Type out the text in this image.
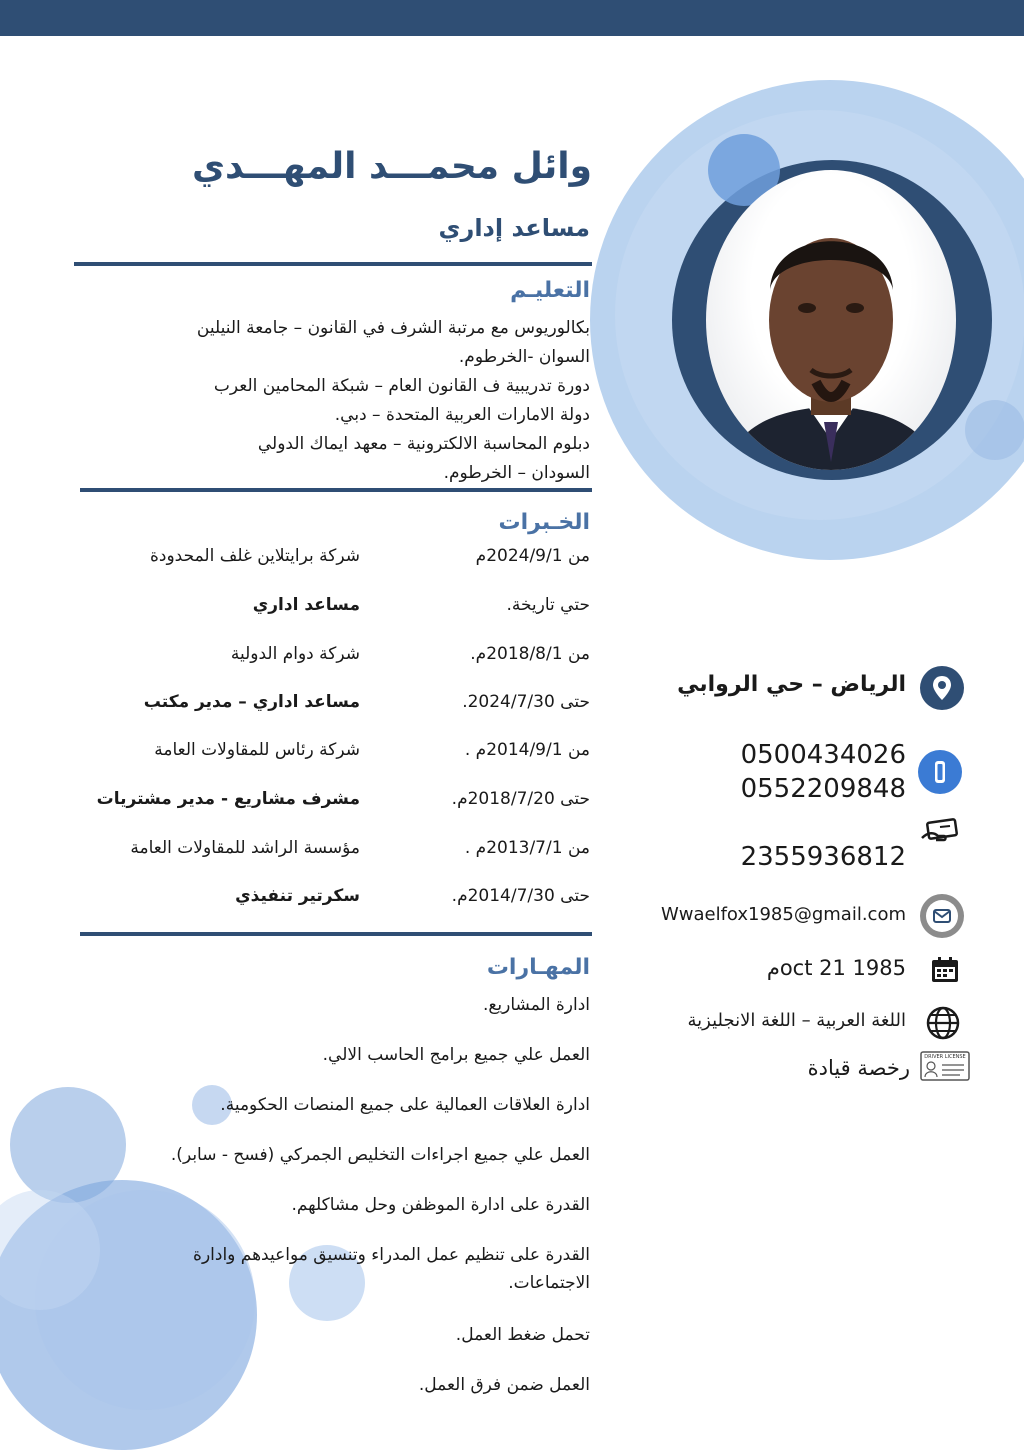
وائل محمـــد المهـــدي
مساعد إداري
التعليـم
بكالوريوس مع مرتبة الشرف في القانون – جامعة النيلين
السوان -الخرطوم.
دورة تدريبية ف القانون العام – شبكة المحامين العرب
دولة الامارات العربية المتحدة – دبي.
دبلوم المحاسبة الالكترونية – معهد ايماك الدولي
السودان – الخرطوم.
الخـبرات
من 2024/9/1م
شركة برايتلاين غلف المحدودة
حتي تاريخة.
مساعد اداري
من 2018/8/1م.
شركة دوام الدولية
حتى 2024/7/30.
مساعد اداري – مدير مكتب
من 2014/9/1م .
شركة رئاس للمقاولات العامة
حتى 2018/7/20م.
مشرف مشاريع - مدير مشتريات
من 2013/7/1م .
مؤسسة الراشد للمقاولات العامة
حتى 2014/7/30م.
سكرتير تنفيذي
المهـارات
ادارة المشاريع.
العمل علي جميع برامج الحاسب الالي.
ادارة العلاقات العمالية على جميع المنصات الحكومية.
العمل علي جميع اجراءات التخليص الجمركي (فسح - سابر).
القدرة على ادارة الموظفن وحل مشاكلهم.
القدرة على تنظيم عمل المدراء وتنسيق مواعيدهم وادارة
الاجتماعات.
تحمل ضغط العمل.
العمل ضمن فرق العمل.
الرياض – حي الروابي
0500434026
0552209848
2355936812
Wwaelfox1985@gmail.com
1985 oct 21م
اللغة العربية – اللغة الانجليزية
DRIVER LICENSE
رخصة قيادة
